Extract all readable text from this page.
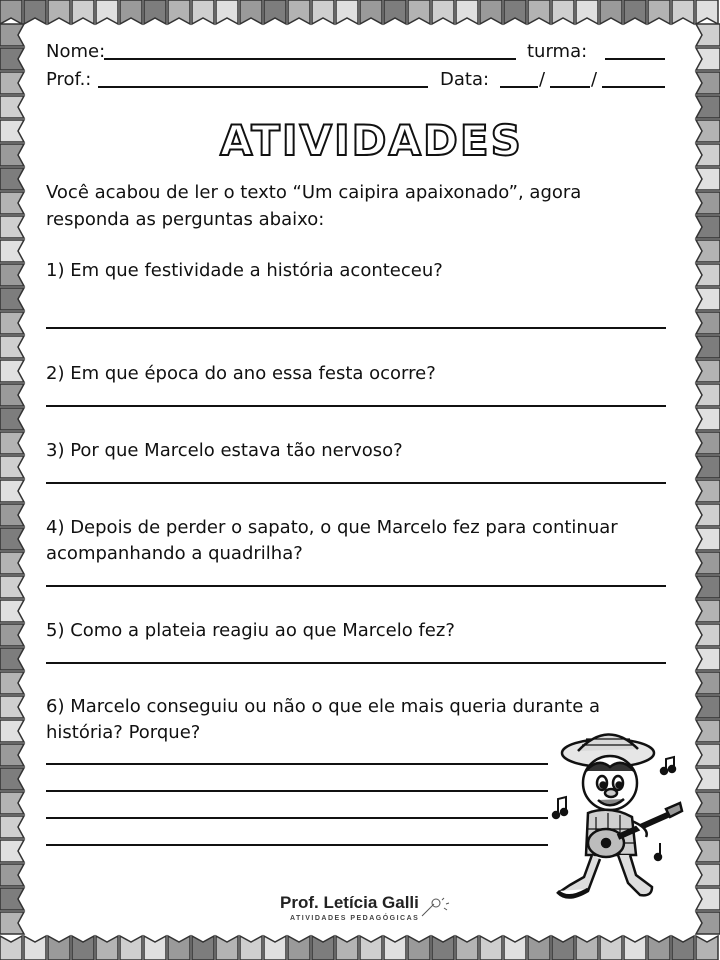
Nome:	turma:
Prof.:	Data:	/	/
ATIVIDADES
Você acabou de ler o texto “Um caipira apaixonado”, agora
responda as perguntas abaixo:
1) Em que festividade a história aconteceu?
2) Em que época do ano essa festa ocorre?
3) Por que Marcelo estava tão nervoso?
4) Depois de perder o sapato, o que Marcelo fez para continuar
acompanhando a quadrilha?
5) Como a plateia reagiu ao que Marcelo fez?
6) Marcelo conseguiu ou não o que ele mais queria durante a
história? Porque?
Prof. Letícia Galli
ATIVIDADES PEDAGÓGICAS
